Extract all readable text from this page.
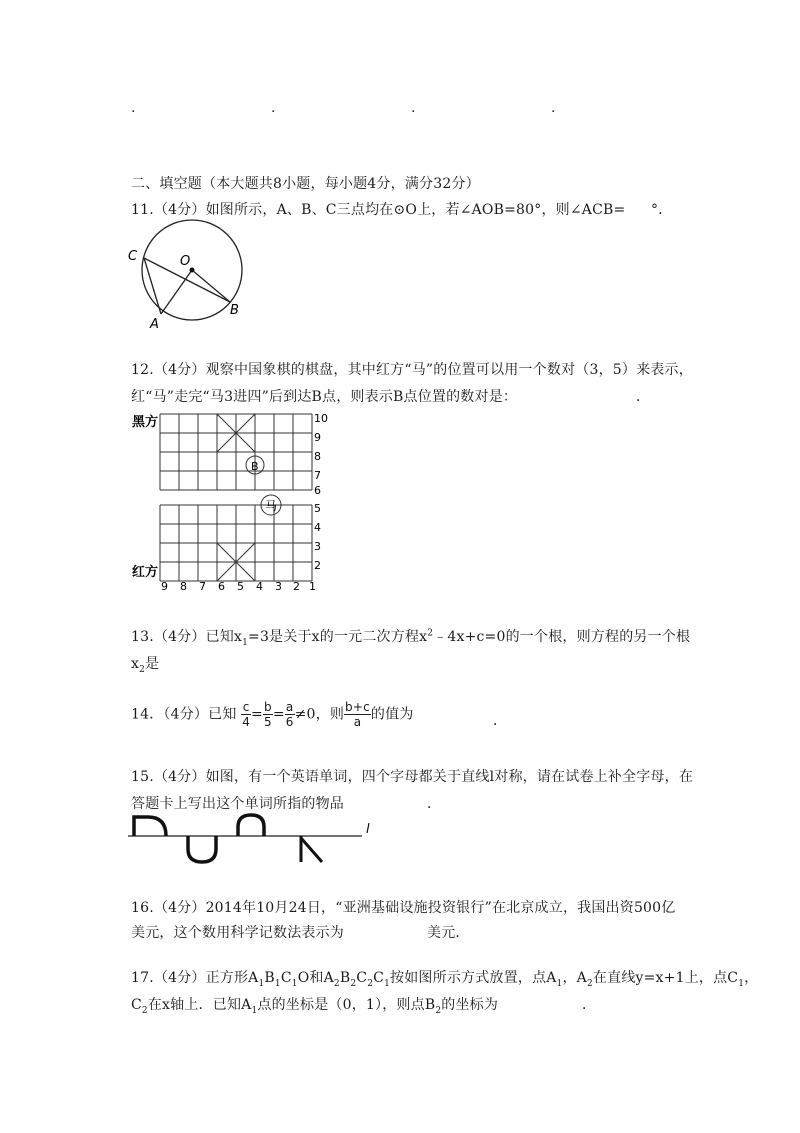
.	.	.	.
二、填空题（本大题共8小题，每小题4分，满分32分）
11.（4分）如图所示，A、B、C三点均在⊙O上，若∠AOB=80°，则∠ACB= °．
C	O
A
B
12.（4分）观察中国象棋的棋盘，其中红方“马”的位置可以用一个数对（3，5）来表示，
红“马”走完“马3进四”后到达B点，则表示B点位置的数对是：	．
黑方
红方
B
马
10
9
8
7
6
5
4
3
2
9 8 7 6 5 4 3 2 1
13.（4分）已知$x_1=3$是关于x的一元二次方程$x^2﹣4x+c=0$的一个根，则方程的另一个根
$x_2$是
14．（4分）已知 $\frac{c}{4} = \frac{b}{5} = \frac{a}{6} \ne 0$，则 $\frac{b+c}{a}$ 的值为	．
15.（4分）如图，有一个英语单词，四个字母都关于直线l对称，请在试卷上补全字母，在
答题卡上写出这个单词所指的物品	．
l
16.（4分）2014年10月24日，“亚洲基础设施投资银行”在北京成立，我国出资500亿
美元，这个数用科学记数法表示为	美元．
17.（4分）正方形$A_1B_1C_1O$和$A_2B_2C_2C_1$按如图所示方式放置，点$A_1$，$A_2$在直线y=x+1上，点$C_1$，
$C_2$在x轴上．已知$A_1$点的坐标是（0，1），则点$B_2$的坐标为	．
